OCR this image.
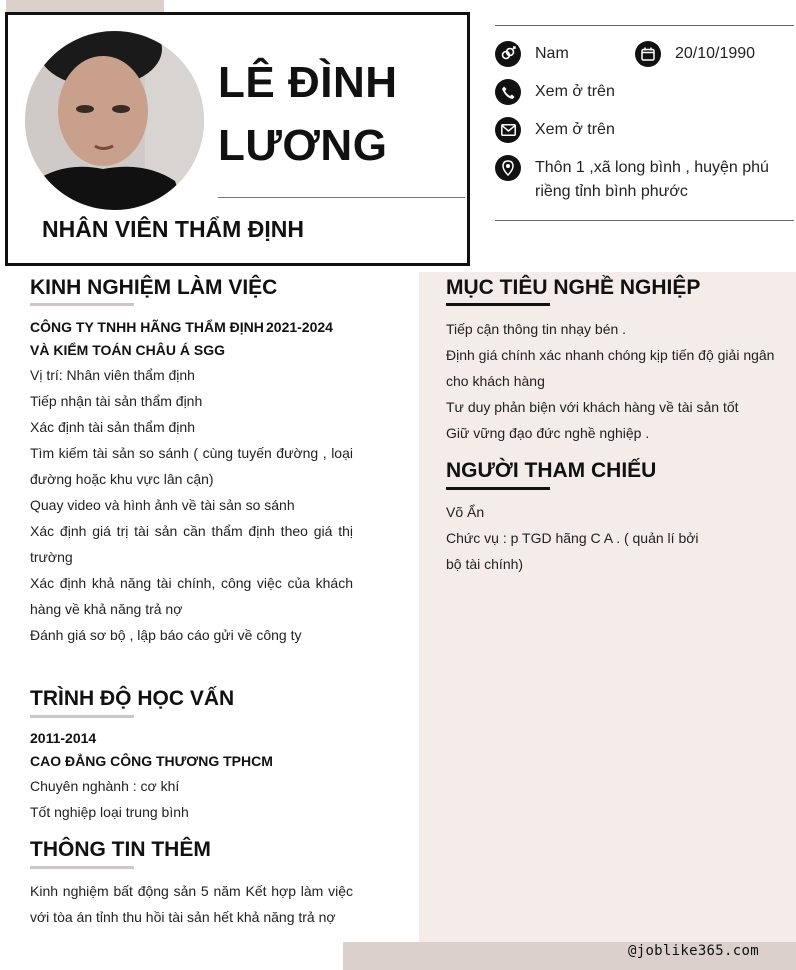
@joblike365.com
LÊ ĐÌNH
LƯƠNG
NHÂN VIÊN THẨM ĐỊNH
Nam	20/10/1990
Xem ở trên
Xem ở trên
Thôn 1 ,xã long bình , huyện phú
riềng tỉnh bình phước
KINH NGHIỆM LÀM VIỆC
CÔNG TY TNHH HÃNG THẨM ĐỊNH 2021-2024
VÀ KIỂM TOÁN CHÂU Á SGG
Vị trí: Nhân viên thẩm định
Tiếp nhận tài sản thẩm định
Xác định tài sản thẩm định
Tìm kiếm tài sản so sánh ( cùng tuyến đường , loại
đường hoặc khu vực lân cận)
Quay video và hình ảnh về tài sản so sánh
Xác định giá trị tài sản cần thẩm định theo giá thị
trường
Xác định khả năng tài chính, công việc của khách
hàng về khả năng trả nợ
Đánh giá sơ bộ , lập báo cáo gửi về công ty
TRÌNH ĐỘ HỌC VẤN
2011-2014
CAO ĐẲNG CÔNG THƯƠNG TPHCM
Chuyên nghành : cơ khí
Tốt nghiệp loại trung bình
THÔNG TIN THÊM
Kinh nghiệm bất động sản 5 năm Kết hợp làm việc
với tòa án tỉnh thu hồi tài sản hết khả năng trả nợ
MỤC TIÊU NGHỀ NGHIỆP
Tiếp cận thông tin nhạy bén .
Định giá chính xác nhanh chóng kịp tiến độ giải ngân
cho khách hàng
Tư duy phản biện với khách hàng về tài sản tốt
Giữ vững đạo đức nghề nghiệp .
NGƯỜI THAM CHIẾU
Võ Ẩn
Chức vụ : p TGD hãng C A . ( quản lí bởi
bộ tài chính)
